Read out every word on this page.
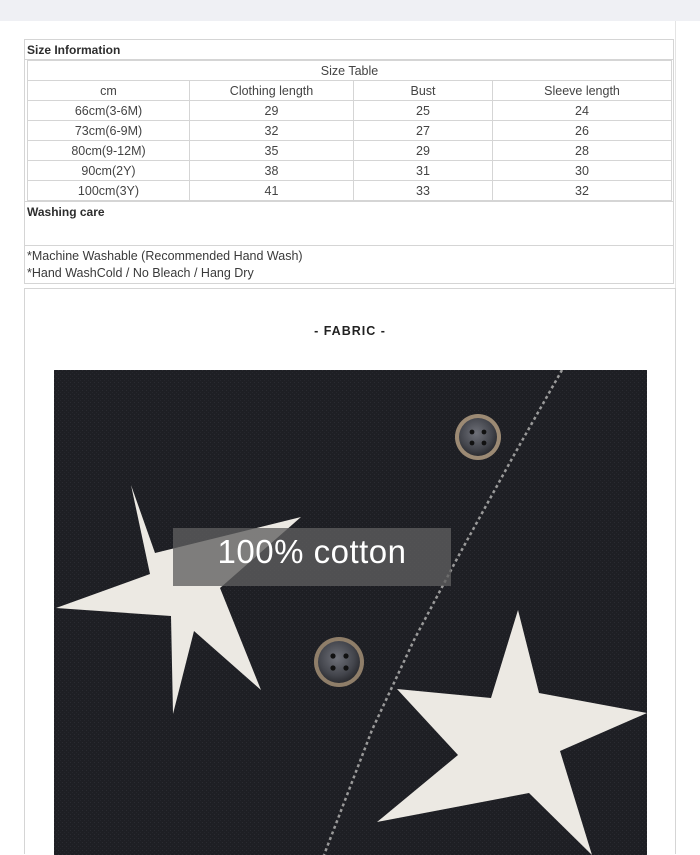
Size Information
Size Table			
cm	Clothing length	Bust	Sleeve length
66cm(3-6M)	29	25	24
73cm(6-9M)	32	27	26
80cm(9-12M)	35	29	28
90cm(2Y)	38	31	30
100cm(3Y)	41	33	32
Washing care
*Machine Washable (Recommended Hand Wash)
*Hand WashCold / No Bleach / Hang Dry
- FABRIC -
100% cotton
